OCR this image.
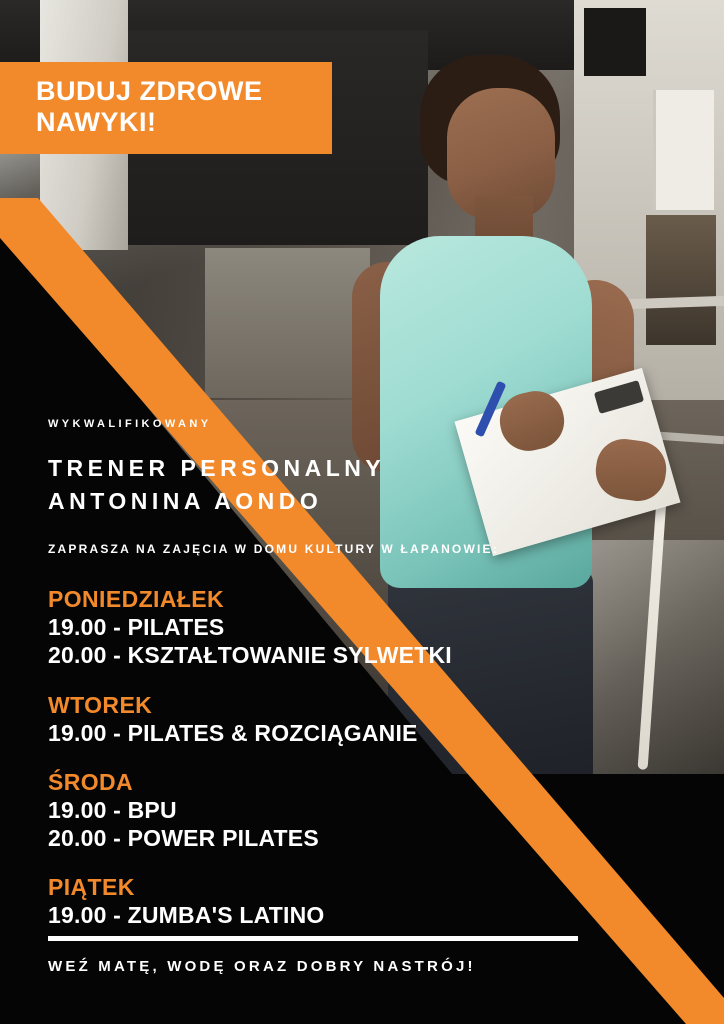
BUDUJ ZDROWE NAWYKI!
WYKWALIFIKOWANY
TRENER PERSONALNY ANTONINA AONDO
ZAPRASZA NA ZAJĘCIA W DOMU KULTURY W ŁAPANOWIE:
PONIEDZIAŁEK
19.00 - PILATES
20.00 - KSZTAŁTOWANIE SYLWETKI
WTOREK
19.00 - PILATES & ROZCIĄGANIE
ŚRODA
19.00 - BPU
20.00 - POWER PILATES
PIĄTEK
19.00 - ZUMBA'S LATINO
WEŹ MATĘ, WODĘ ORAZ DOBRY NASTRÓJ!
